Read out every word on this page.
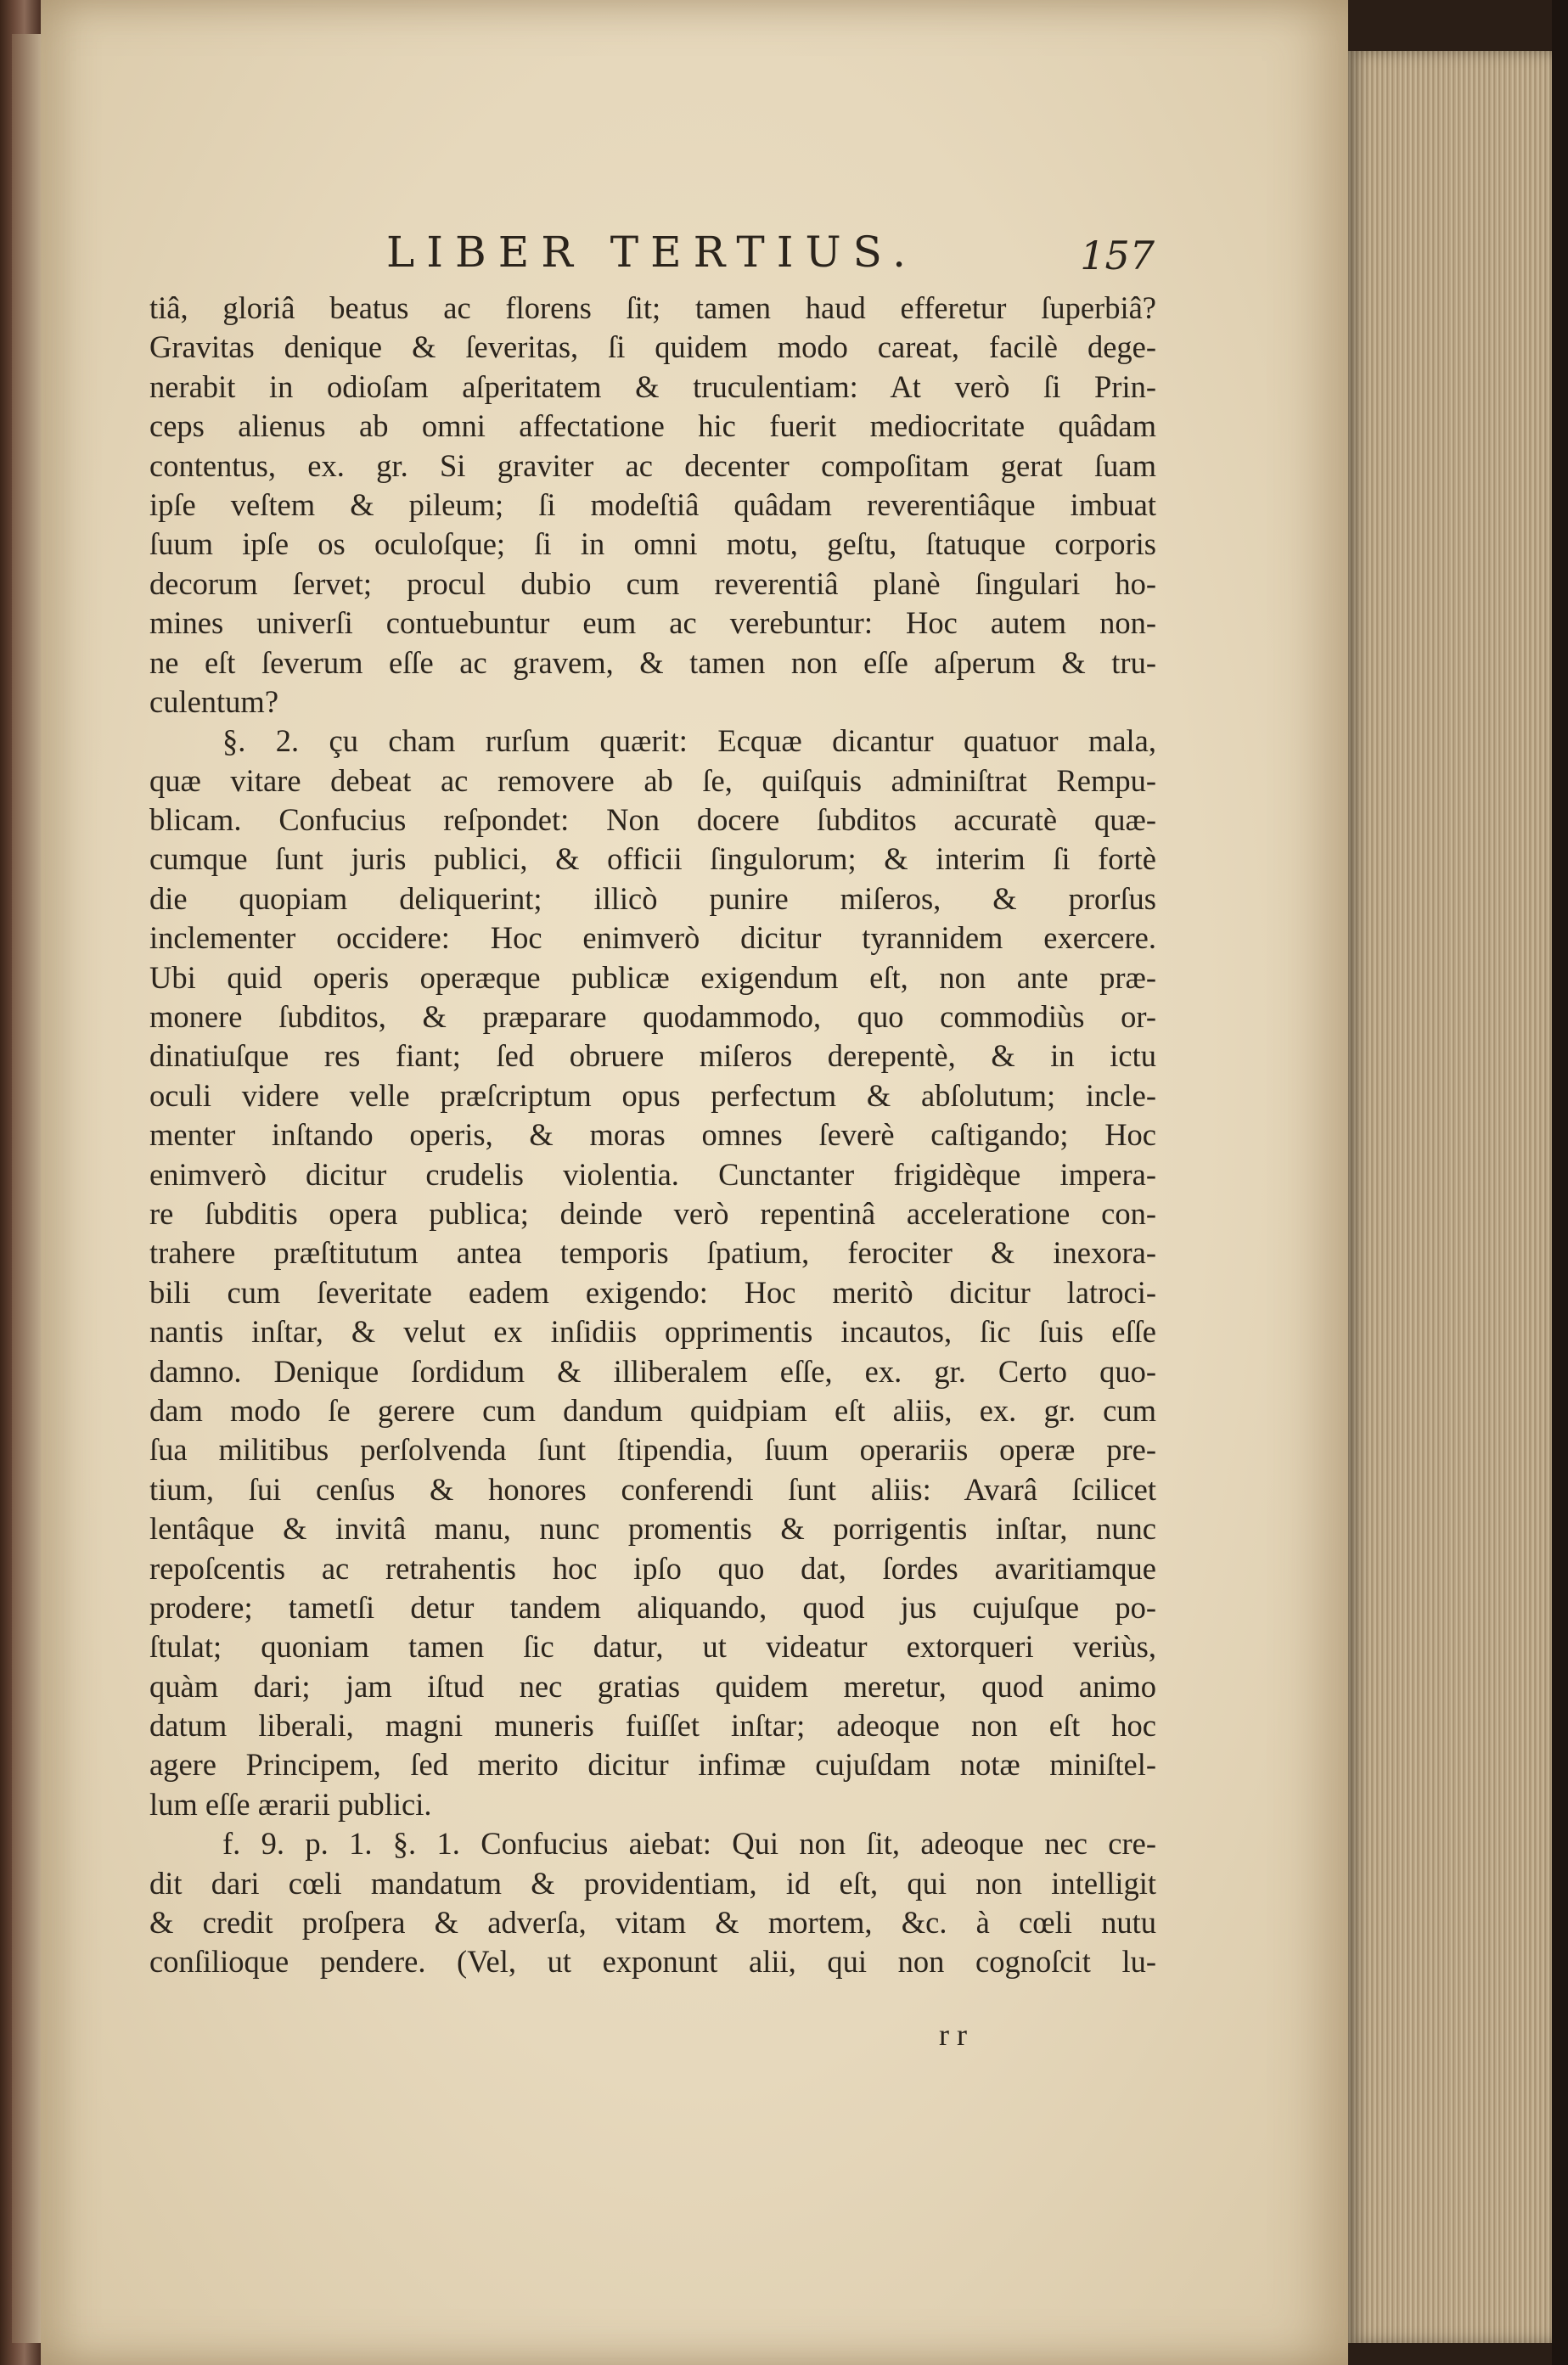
LIBER TERTIUS.	157
tiâ, gloriâ beatus ac florens ſit; tamen haud efferetur ſuperbiâ?
Gravitas denique & ſeveritas, ſi quidem modo careat, facilè dege-
nerabit in odioſam aſperitatem & truculentiam: At verò ſi Prin-
ceps alienus ab omni affectatione hic fuerit mediocritate quâdam
contentus, ex. gr. Si graviter ac decenter compoſitam gerat ſuam
ipſe veſtem & pileum; ſi modeſtiâ quâdam reverentiâque imbuat
ſuum ipſe os oculoſque; ſi in omni motu, geſtu, ſtatuque corporis
decorum ſervet; procul dubio cum reverentiâ planè ſingulari ho-
mines univerſi contuebuntur eum ac verebuntur: Hoc autem non-
ne eſt ſeverum eſſe ac gravem, & tamen non eſſe aſperum & tru-
culentum?
§. 2. çu cham rurſum quærit: Ecquæ dicantur quatuor mala,
quæ vitare debeat ac removere ab ſe, quiſquis adminiſtrat Rempu-
blicam. Confucius reſpondet: Non docere ſubditos accuratè quæ-
cumque ſunt juris publici, & officii ſingulorum; & interim ſi fortè
die quopiam deliquerint; illicò punire miſeros, & prorſus
inclementer occidere: Hoc enimverò dicitur tyrannidem exercere.
Ubi quid operis operæque publicæ exigendum eſt, non ante præ-
monere ſubditos, & præparare quodammodo, quo commodiùs or-
dinatiuſque res fiant; ſed obruere miſeros derepentè, & in ictu
oculi videre velle præſcriptum opus perfectum & abſolutum; incle-
menter inſtando operis, & moras omnes ſeverè caſtigando; Hoc
enimverò dicitur crudelis violentia. Cunctanter frigidèque impera-
re ſubditis opera publica; deinde verò repentinâ acceleratione con-
trahere præſtitutum antea temporis ſpatium, ferociter & inexora-
bili cum ſeveritate eadem exigendo: Hoc meritò dicitur latroci-
nantis inſtar, & velut ex inſidiis opprimentis incautos, ſic ſuis eſſe
damno. Denique ſordidum & illiberalem eſſe, ex. gr. Certo quo-
dam modo ſe gerere cum dandum quidpiam eſt aliis, ex. gr. cum
ſua militibus perſolvenda ſunt ſtipendia, ſuum operariis operæ pre-
tium, ſui cenſus & honores conferendi ſunt aliis: Avarâ ſcilicet
lentâque & invitâ manu, nunc promentis & porrigentis inſtar, nunc
repoſcentis ac retrahentis hoc ipſo quo dat, ſordes avaritiamque
prodere; tametſi detur tandem aliquando, quod jus cujuſque po-
ſtulat; quoniam tamen ſic datur, ut videatur extorqueri veriùs,
quàm dari; jam iſtud nec gratias quidem meretur, quod animo
datum liberali, magni muneris fuiſſet inſtar; adeoque non eſt hoc
agere Principem, ſed merito dicitur infimæ cujuſdam notæ miniſtel-
lum eſſe ærarii publici.
f. 9. p. 1. §. 1. Confucius aiebat: Qui non ſit, adeoque nec cre-
dit dari cœli mandatum & providentiam, id eſt, qui non intelligit
& credit proſpera & adverſa, vitam & mortem, &c. à cœli nutu
conſilioque pendere. (Vel, ut exponunt alii, qui non cognoſcit lu-
r r
